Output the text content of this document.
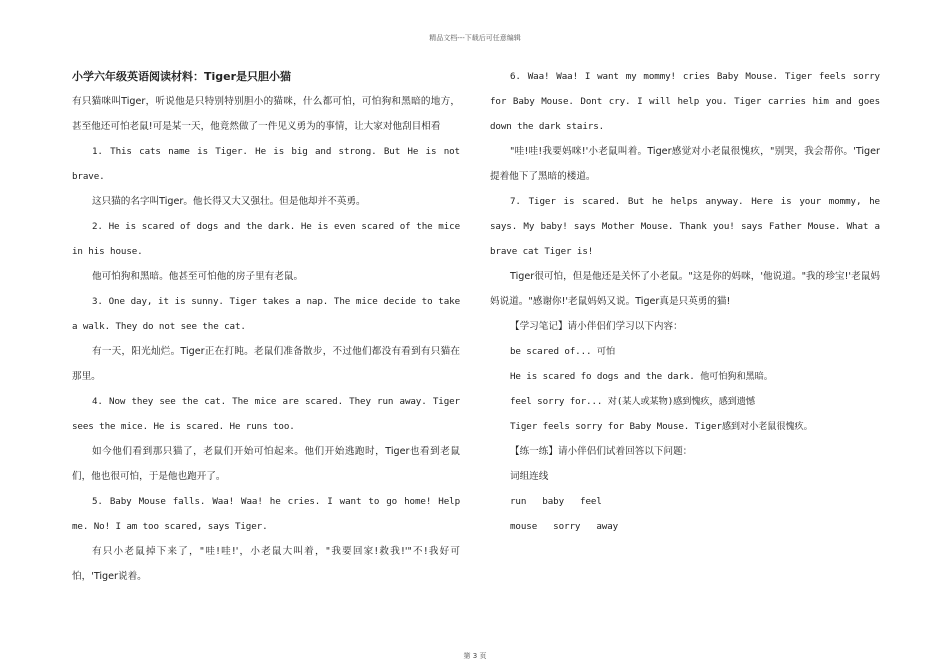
精品文档---下载后可任意编辑

小学六年级英语阅读材料：Tiger是只胆小猫

有只猫咪叫Tiger，听说他是只特别特别胆小的猫咪，什么都可怕，可怕狗和黑暗的地方，甚至他还可怕老鼠!可是某一天，他竟然做了一件见义勇为的事情，让大家对他刮目相看

1. This cats name is Tiger. He is big and strong. But He is not brave.

这只猫的名字叫Tiger。他长得又大又强壮。但是他却并不英勇。

2. He is scared of dogs and the dark. He is even scared of the mice in his house.

他可怕狗和黑暗。他甚至可怕他的房子里有老鼠。

3. One day, it is sunny. Tiger takes a nap. The mice decide to take a walk. They do not see the cat.

有一天，阳光灿烂。Tiger正在打盹。老鼠们准备散步，不过他们都没有看到有只猫在那里。

4. Now they see the cat. The mice are scared. They run away. Tiger sees the mice. He is scared. He runs too.

如今他们看到那只猫了，老鼠们开始可怕起来。他们开始逃跑时，Tiger也看到老鼠们，他也很可怕，于是他也跑开了。

5. Baby Mouse falls. Waa! Waa! he cries. I want to go home! Help me. No! I am too scared, says Tiger.

有只小老鼠掉下来了，"哇!哇!'，小老鼠大叫着，"我要回家!救我!'"不!我好可怕，'Tiger说着。

6. Waa! Waa! I want my mommy! cries Baby Mouse. Tiger feels sorry for Baby Mouse. Dont cry. I will help you. Tiger carries him and goes down the dark stairs.

"哇!哇!我要妈咪!'小老鼠叫着。Tiger感觉对小老鼠很愧疚，"别哭，我会帮你。'Tiger提着他下了黑暗的楼道。

7. Tiger is scared. But he helps anyway. Here is your mommy, he says. My baby! says Mother Mouse. Thank you! says Father Mouse. What a brave cat Tiger is!

Tiger很可怕，但是他还是关怀了小老鼠。"这是你的妈咪，'他说道。"我的珍宝!'老鼠妈妈说道。"感谢你!'老鼠妈妈又说。Tiger真是只英勇的猫!

【学习笔记】请小伴侣们学习以下内容：

be scared of... 可怕

He is scared fo dogs and the dark. 他可怕狗和黑暗。

feel sorry for... 对(某人或某物)感到愧疚，感到遗憾

Tiger feels sorry for Baby Mouse. Tiger感到对小老鼠很愧疚。

【练一练】请小伴侣们试着回答以下问题：

词组连线

run baby feel

mouse sorry away

第 3 页
